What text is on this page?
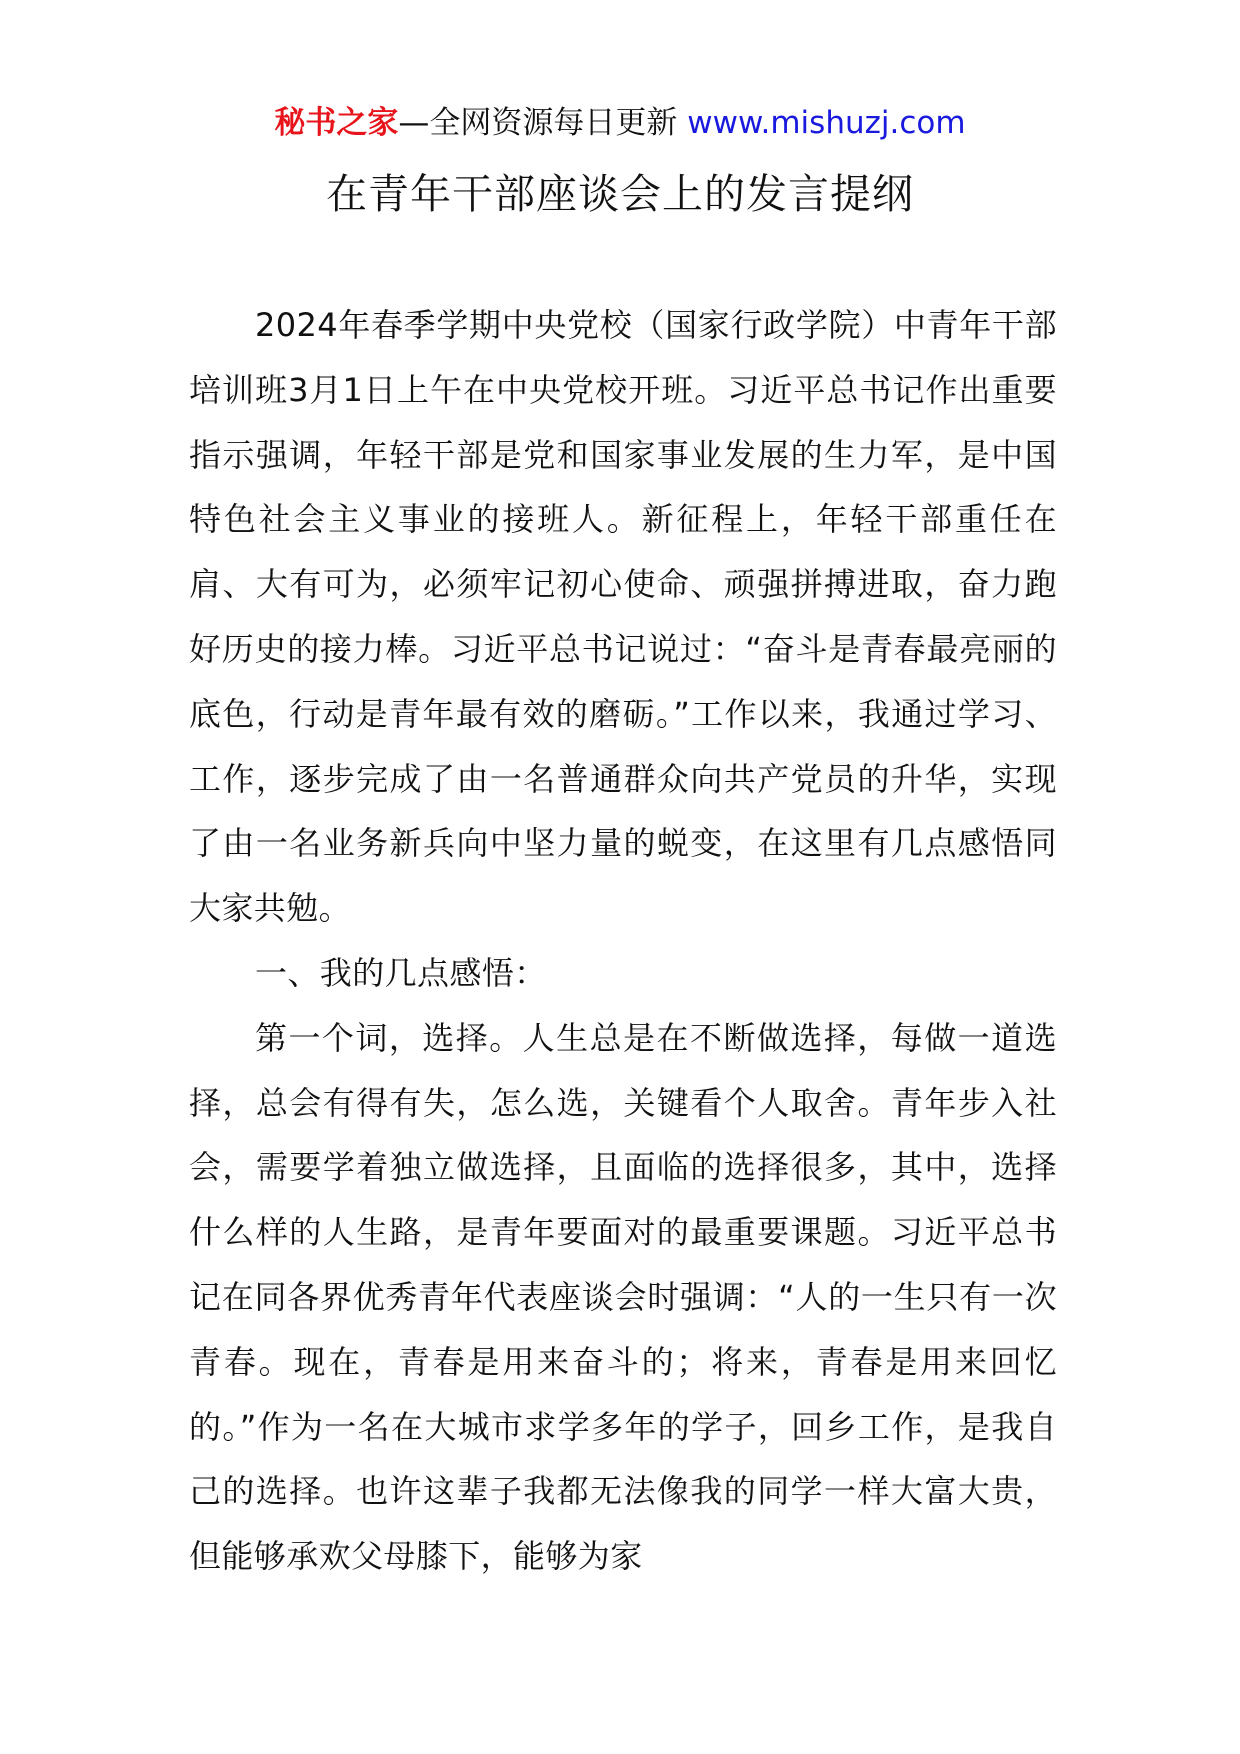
秘书之家—全网资源每日更新 www.mishuzj.com
在青年干部座谈会上的发言提纲

2024年春季学期中央党校（国家行政学院）中青年干部培训班3月1日上午在中央党校开班。习近平总书记作出重要指示强调，年轻干部是党和国家事业发展的生力军，是中国特色社会主义事业的接班人。新征程上，年轻干部重任在肩、大有可为，必须牢记初心使命、顽强拼搏进取，奋力跑好历史的接力棒。习近平总书记说过：“奋斗是青春最亮丽的底色，行动是青年最有效的磨砺。”工作以来，我通过学习、工作，逐步完成了由一名普通群众向共产党员的升华，实现了由一名业务新兵向中坚力量的蜕变，在这里有几点感悟同大家共勉。

一、我的几点感悟：

第一个词，选择。人生总是在不断做选择，每做一道选择，总会有得有失，怎么选，关键看个人取舍。青年步入社会，需要学着独立做选择，且面临的选择很多，其中，选择什么样的人生路，是青年要面对的最重要课题。习近平总书记在同各界优秀青年代表座谈会时强调：“人的一生只有一次青春。现在，青春是用来奋斗的；将来，青春是用来回忆的。”作为一名在大城市求学多年的学子，回乡工作，是我自己的选择。也许这辈子我都无法像我的同学一样大富大贵，但能够承欢父母膝下，能够为家
